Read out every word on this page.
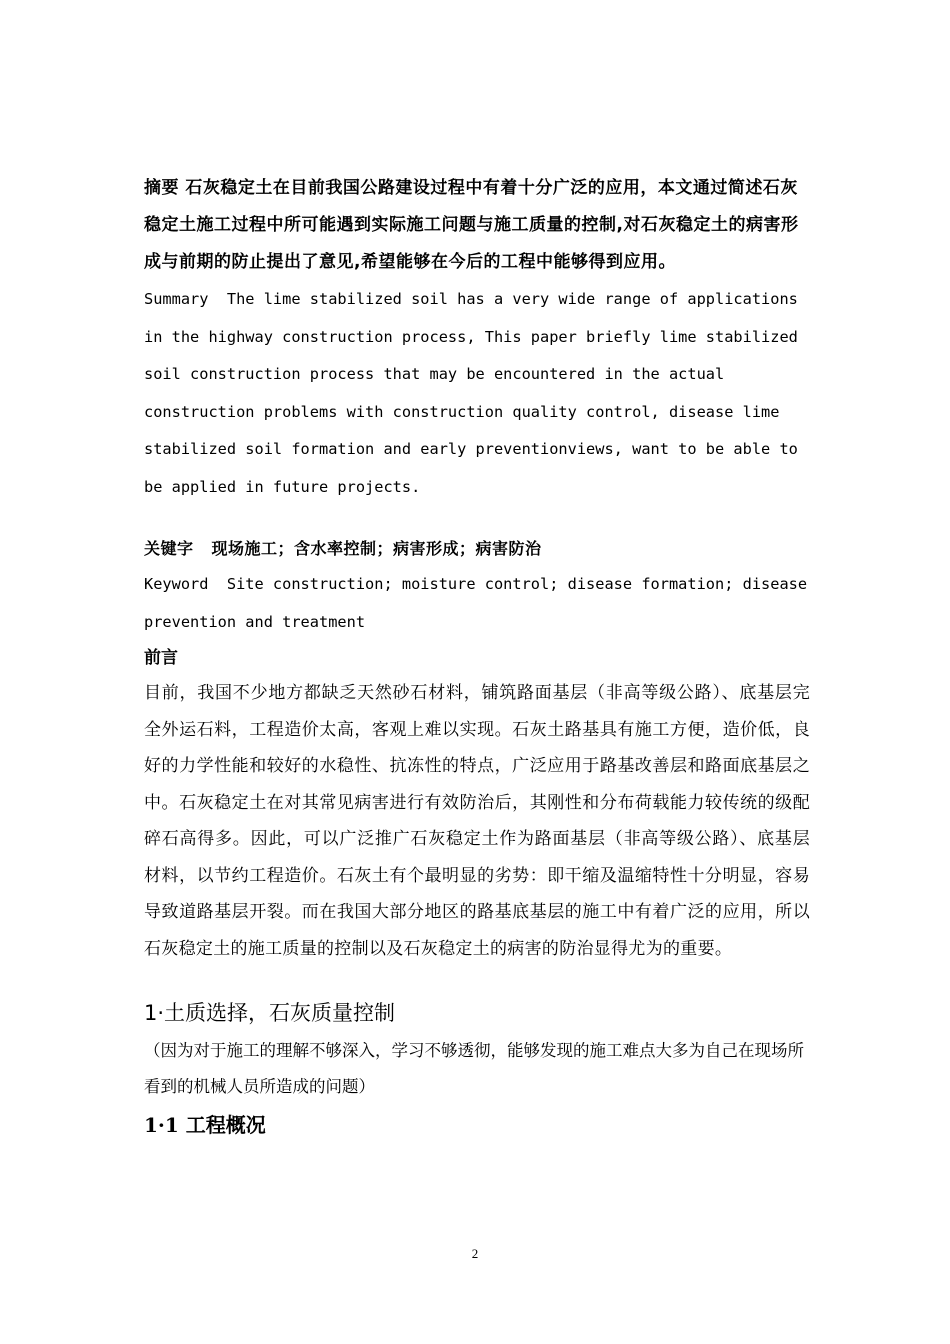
摘要 石灰稳定土在目前我国公路建设过程中有着十分广泛的应用，本文通过简述石灰稳定土施工过程中所可能遇到实际施工问题与施工质量的控制,对石灰稳定土的病害形成与前期的防止提出了意见,希望能够在今后的工程中能够得到应用。

Summary  The lime stabilized soil has a very wide range of applications in the highway construction process, This paper briefly lime stabilized soil construction process that may be encountered in the actual construction problems with construction quality control, disease lime stabilized soil formation and early preventionviews, want to be able to be applied in future projects.

关键字 现场施工；含水率控制；病害形成；病害防治

Keyword  Site construction; moisture control; disease formation; disease prevention and treatment

前言

目前，我国不少地方都缺乏天然砂石材料，铺筑路面基层（非高等级公路）、底基层完全外运石料，工程造价太高，客观上难以实现。石灰土路基具有施工方便，造价低，良好的力学性能和较好的水稳性、抗冻性的特点，广泛应用于路基改善层和路面底基层之中。石灰稳定土在对其常见病害进行有效防治后，其刚性和分布荷载能力较传统的级配碎石高得多。因此，可以广泛推广石灰稳定土作为路面基层（非高等级公路）、底基层材料，以节约工程造价。石灰土有个最明显的劣势：即干缩及温缩特性十分明显，容易导致道路基层开裂。而在我国大部分地区的路基底基层的施工中有着广泛的应用，所以石灰稳定土的施工质量的控制以及石灰稳定土的病害的防治显得尤为的重要。

1·土质选择，石灰质量控制

（因为对于施工的理解不够深入，学习不够透彻，能够发现的施工难点大多为自己在现场所看到的机械人员所造成的问题）

1·1 工程概况

2
